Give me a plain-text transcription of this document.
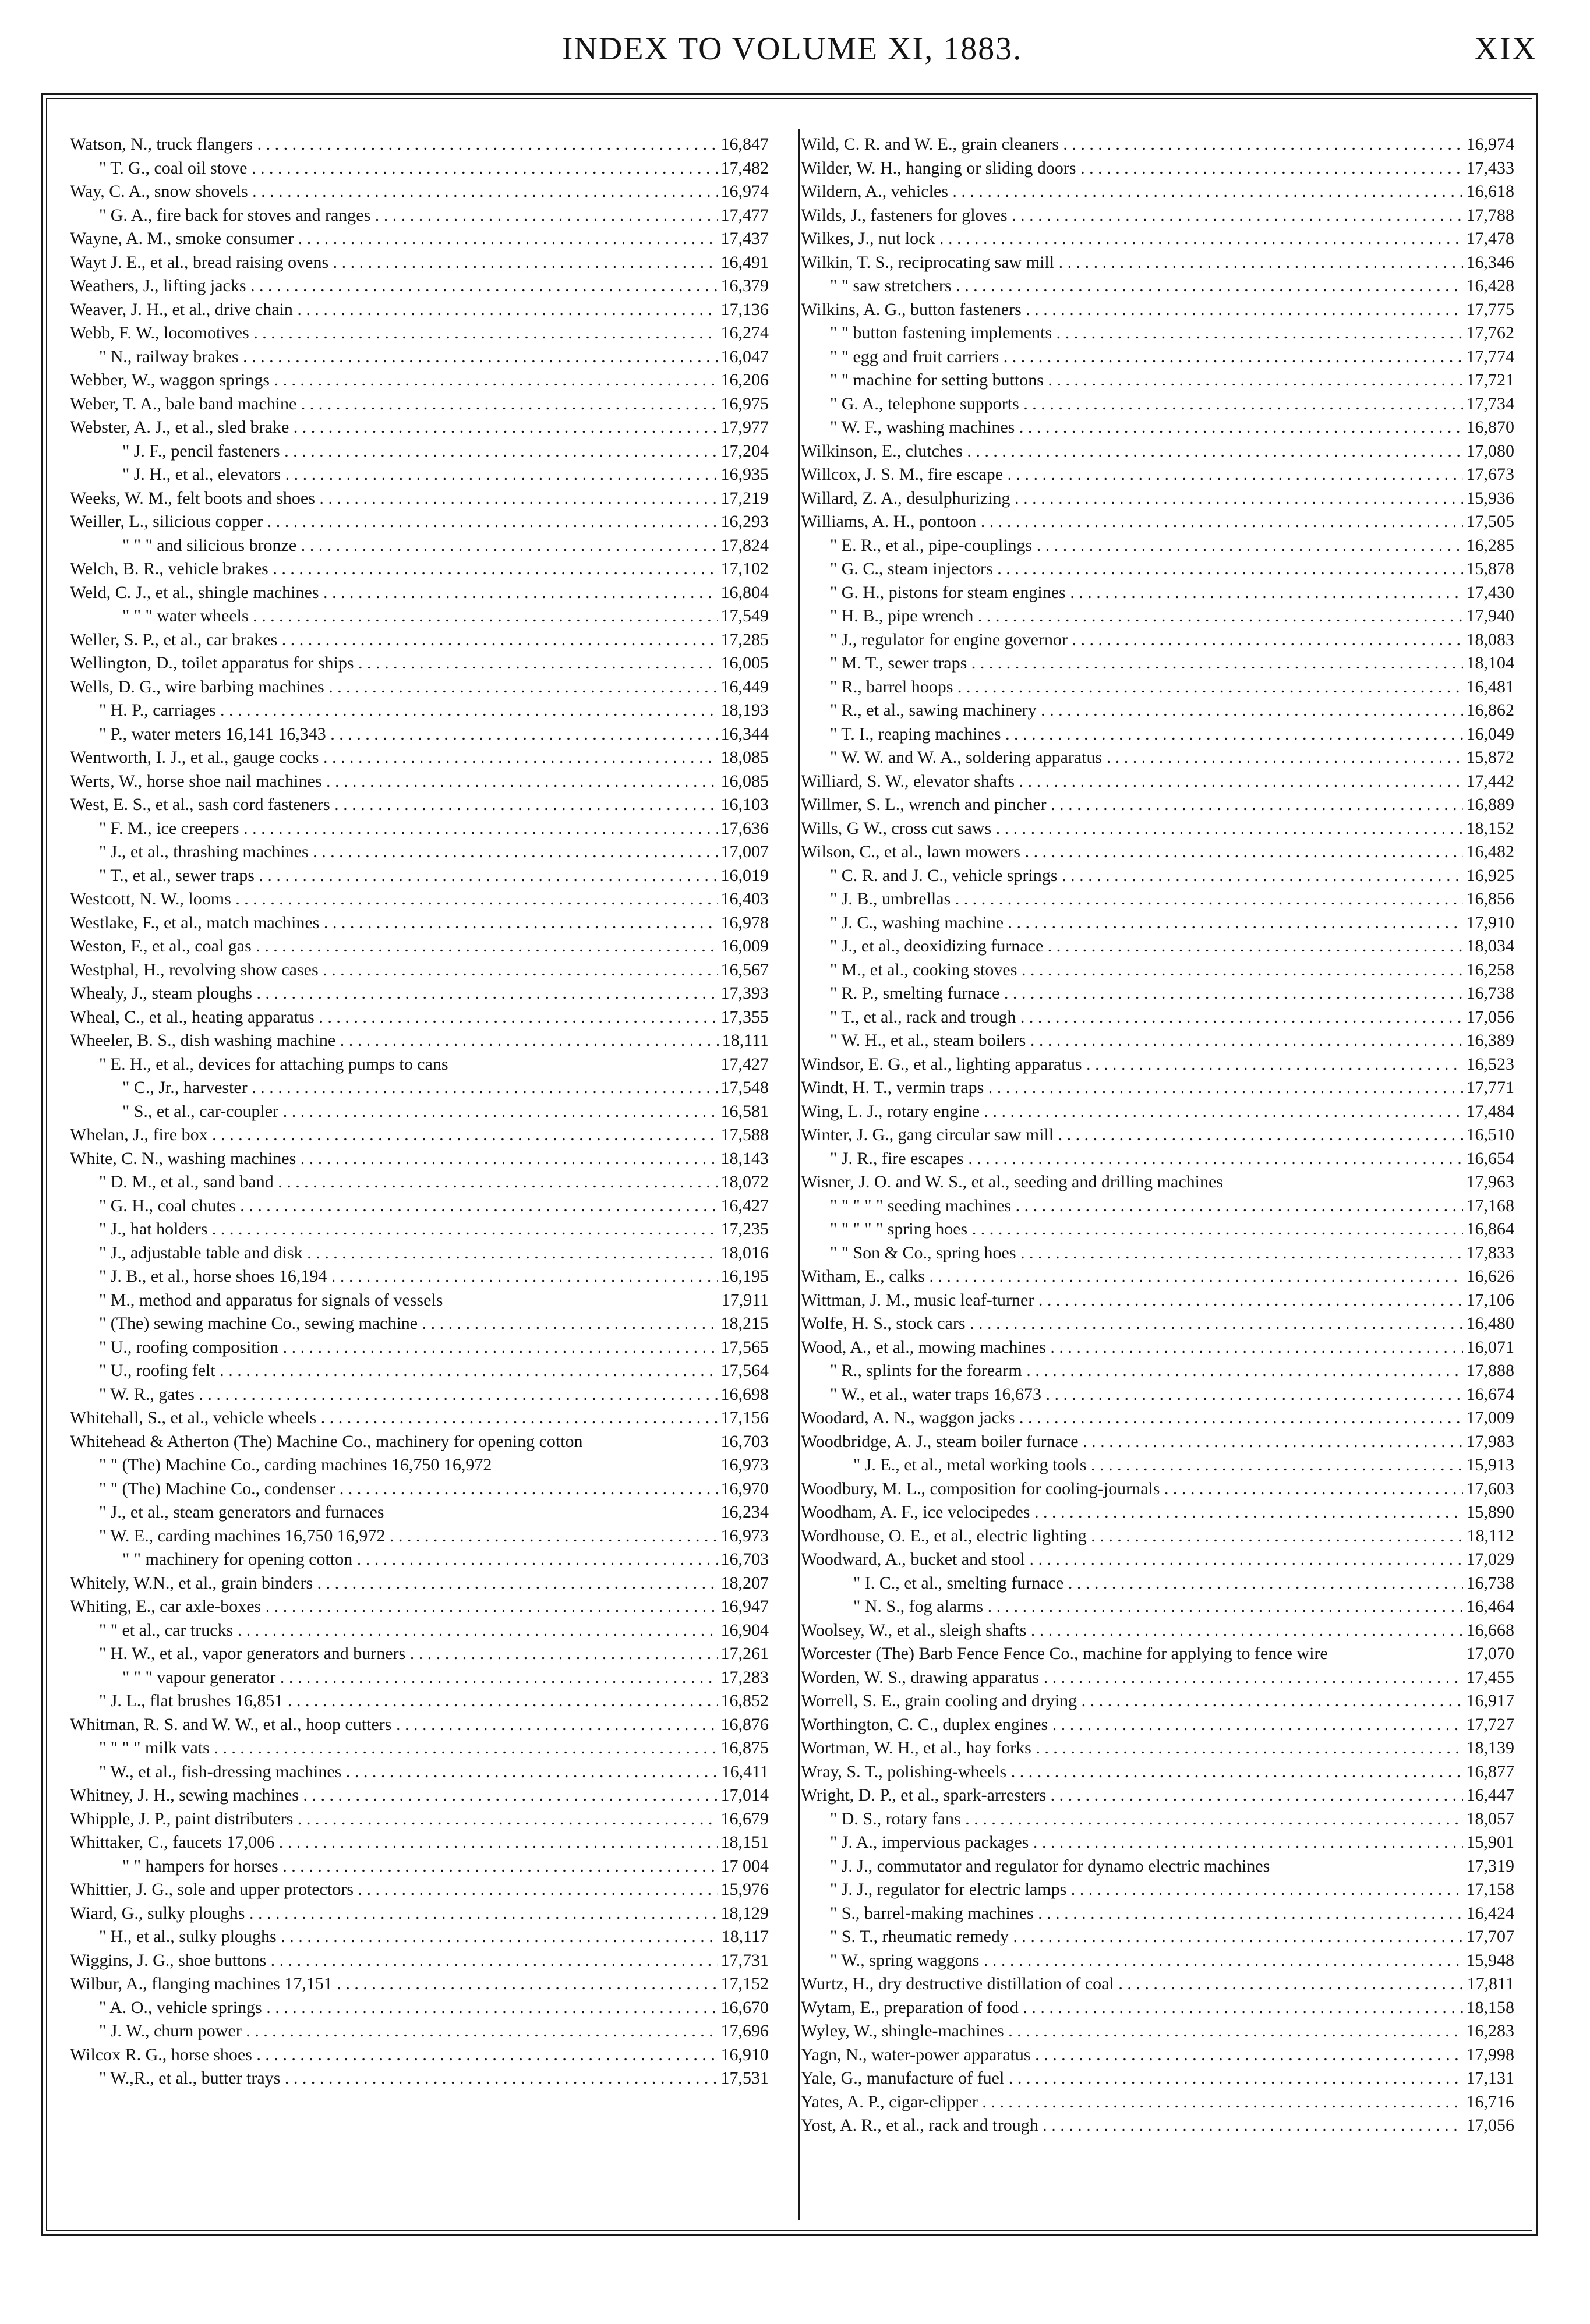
INDEX TO VOLUME XI, 1883.	XIX
Watson, N., truck flangers . . .	16,847
" T. G., coal oil stove . . .	17,482
Way, C. A., snow shovels . . .	16,974
" G. A., fire back for stoves and ranges . . .	17,477
Wayne, A. M., smoke consumer . . .	17,437
Wayt J. E., et al., bread raising ovens . . .	16,491
Weathers, J., lifting jacks . . .	16,379
Weaver, J. H., et al., drive chain . . .	17,136
Webb, F. W., locomotives . . .	16,274
" N., railway brakes . . .	16,047
Webber, W., waggon springs . . .	16,206
Weber, T. A., bale band machine . . .	16,975
Webster, A. J., et al., sled brake . . .	17,977
" J. F., pencil fasteners . . .	17,204
" J. H., et al., elevators . . .	16,935
Weeks, W. M., felt boots and shoes . . .	17,219
Weiller, L., silicious copper . . .	16,293
" " " and silicious bronze . . .	17,824
Welch, B. R., vehicle brakes . . .	17,102
Weld, C. J., et al., shingle machines . . .	16,804
" " " water wheels . . .	17,549
Weller, S. P., et al., car brakes . . .	17,285
Wellington, D., toilet apparatus for ships . . .	16,005
Wells, D. G., wire barbing machines . . .	16,449
" H. P., carriages . . .	18,193
" P., water meters 16,141 16,343 . . .	16,344
Wentworth, I. J., et al., gauge cocks . . .	18,085
Werts, W., horse shoe nail machines . . .	16,085
West, E. S., et al., sash cord fasteners . . .	16,103
" F. M., ice creepers . . .	17,636
" J., et al., thrashing machines . . .	17,007
" T., et al., sewer traps . . .	16,019
Westcott, N. W., looms . . .	16,403
Westlake, F., et al., match machines . . .	16,978
Weston, F., et al., coal gas . . .	16,009
Westphal, H., revolving show cases . . .	16,567
Whealy, J., steam ploughs . . .	17,393
Wheal, C., et al., heating apparatus . . .	17,355
Wheeler, B. S., dish washing machine . . .	18,111
" E. H., et al., devices for attaching pumps to cans	17,427
" C., Jr., harvester . . .	17,548
" S., et al., car-coupler . . .	16,581
Whelan, J., fire box . . .	17,588
White, C. N., washing machines . . .	18,143
" D. M., et al., sand band . . .	18,072
" G. H., coal chutes . . .	16,427
" J., hat holders . . .	17,235
" J., adjustable table and disk . . .	18,016
" J. B., et al., horse shoes 16,194 . . .	16,195
" M., method and apparatus for signals of vessels	17,911
" (The) sewing machine Co., sewing machine . . .	18,215
" U., roofing composition . . .	17,565
" U., roofing felt . . .	17,564
" W. R., gates . . .	16,698
Whitehall, S., et al., vehicle wheels . . .	17,156
Whitehead & Atherton (The) Machine Co., machinery for opening cotton	16,703
" " (The) Machine Co., carding machines 16,750 16,972	16,973
" " (The) Machine Co., condenser . . .	16,970
" J., et al., steam generators and furnaces	16,234
" W. E., carding machines 16,750 16,972 . . .	16,973
" " machinery for opening cotton . . .	16,703
Whitely, W.N., et al., grain binders . . .	18,207
Whiting, E., car axle-boxes . . .	16,947
" " et al., car trucks . . .	16,904
" H. W., et al., vapor generators and burners . . .	17,261
" " " vapour generator . . .	17,283
" J. L., flat brushes 16,851 . . .	16,852
Whitman, R. S. and W. W., et al., hoop cutters . . .	16,876
" " " " milk vats . . .	16,875
" W., et al., fish-dressing machines . . .	16,411
Whitney, J. H., sewing machines . . .	17,014
Whipple, J. P., paint distributers . . .	16,679
Whittaker, C., faucets 17,006 . . .	18,151
" " hampers for horses . . .	17 004
Whittier, J. G., sole and upper protectors . . .	15,976
Wiard, G., sulky ploughs . . .	18,129
" H., et al., sulky ploughs . . .	18,117
Wiggins, J. G., shoe buttons . . .	17,731
Wilbur, A., flanging machines 17,151 . . .	17,152
" A. O., vehicle springs . . .	16,670
" J. W., churn power . . .	17,696
Wilcox R. G., horse shoes . . .	16,910
" W.,R., et al., butter trays . . .	17,531
Wild, C. R. and W. E., grain cleaners . . .	16,974
Wilder, W. H., hanging or sliding doors . . .	17,433
Wildern, A., vehicles . . .	16,618
Wilds, J., fasteners for gloves . . .	17,788
Wilkes, J., nut lock . . .	17,478
Wilkin, T. S., reciprocating saw mill . . .	16,346
" " saw stretchers . . .	16,428
Wilkins, A. G., button fasteners . . .	17,775
" " button fastening implements . . .	17,762
" " egg and fruit carriers . . .	17,774
" " machine for setting buttons . . .	17,721
" G. A., telephone supports . . .	17,734
" W. F., washing machines . . .	16,870
Wilkinson, E., clutches . . .	17,080
Willcox, J. S. M., fire escape . . .	17,673
Willard, Z. A., desulphurizing . . .	15,936
Williams, A. H., pontoon . . .	17,505
" E. R., et al., pipe-couplings . . .	16,285
" G. C., steam injectors . . .	15,878
" G. H., pistons for steam engines . . .	17,430
" H. B., pipe wrench . . .	17,940
" J., regulator for engine governor . . .	18,083
" M. T., sewer traps . . .	18,104
" R., barrel hoops . . .	16,481
" R., et al., sawing machinery . . .	16,862
" T. I., reaping machines . . .	16,049
" W. W. and W. A., soldering apparatus . . .	15,872
Williard, S. W., elevator shafts . . .	17,442
Willmer, S. L., wrench and pincher . . .	16,889
Wills, G W., cross cut saws . . .	18,152
Wilson, C., et al., lawn mowers . . .	16,482
" C. R. and J. C., vehicle springs . . .	16,925
" J. B., umbrellas . . .	16,856
" J. C., washing machine . . .	17,910
" J., et al., deoxidizing furnace . . .	18,034
" M., et al., cooking stoves . . .	16,258
" R. P., smelting furnace . . .	16,738
" T., et al., rack and trough . . .	17,056
" W. H., et al., steam boilers . . .	16,389
Windsor, E. G., et al., lighting apparatus . . .	16,523
Windt, H. T., vermin traps . . .	17,771
Wing, L. J., rotary engine . . .	17,484
Winter, J. G., gang circular saw mill . . .	16,510
" J. R., fire escapes . . .	16,654
Wisner, J. O. and W. S., et al., seeding and drilling machines	17,963
" " " " " seeding machines . . .	17,168
" " " " " spring hoes . . .	16,864
" " Son & Co., spring hoes . . .	17,833
Witham, E., calks . . .	16,626
Wittman, J. M., music leaf-turner . . .	17,106
Wolfe, H. S., stock cars . . .	16,480
Wood, A., et al., mowing machines . . .	16,071
" R., splints for the forearm . . .	17,888
" W., et al., water traps 16,673 . . .	16,674
Woodard, A. N., waggon jacks . . .	17,009
Woodbridge, A. J., steam boiler furnace . . .	17,983
" J. E., et al., metal working tools . . .	15,913
Woodbury, M. L., composition for cooling-journals . . .	17,603
Woodham, A. F., ice velocipedes . . .	15,890
Wordhouse, O. E., et al., electric lighting . . .	18,112
Woodward, A., bucket and stool . . .	17,029
" I. C., et al., smelting furnace . . .	16,738
" N. S., fog alarms . . .	16,464
Woolsey, W., et al., sleigh shafts . . .	16,668
Worcester (The) Barb Fence Fence Co., machine for applying to fence wire	17,070
Worden, W. S., drawing apparatus . . .	17,455
Worrell, S. E., grain cooling and drying . . .	16,917
Worthington, C. C., duplex engines . . .	17,727
Wortman, W. H., et al., hay forks . . .	18,139
Wray, S. T., polishing-wheels . . .	16,877
Wright, D. P., et al., spark-arresters . . .	16,447
" D. S., rotary fans . . .	18,057
" J. A., impervious packages . . .	15,901
" J. J., commutator and regulator for dynamo electric machines	17,319
" J. J., regulator for electric lamps . . .	17,158
" S., barrel-making machines . . .	16,424
" S. T., rheumatic remedy . . .	17,707
" W., spring waggons . . .	15,948
Wurtz, H., dry destructive distillation of coal . . .	17,811
Wytam, E., preparation of food . . .	18,158
Wyley, W., shingle-machines . . .	16,283
Yagn, N., water-power apparatus . . .	17,998
Yale, G., manufacture of fuel . . .	17,131
Yates, A. P., cigar-clipper . . .	16,716
Yost, A. R., et al., rack and trough . . .	17,056
